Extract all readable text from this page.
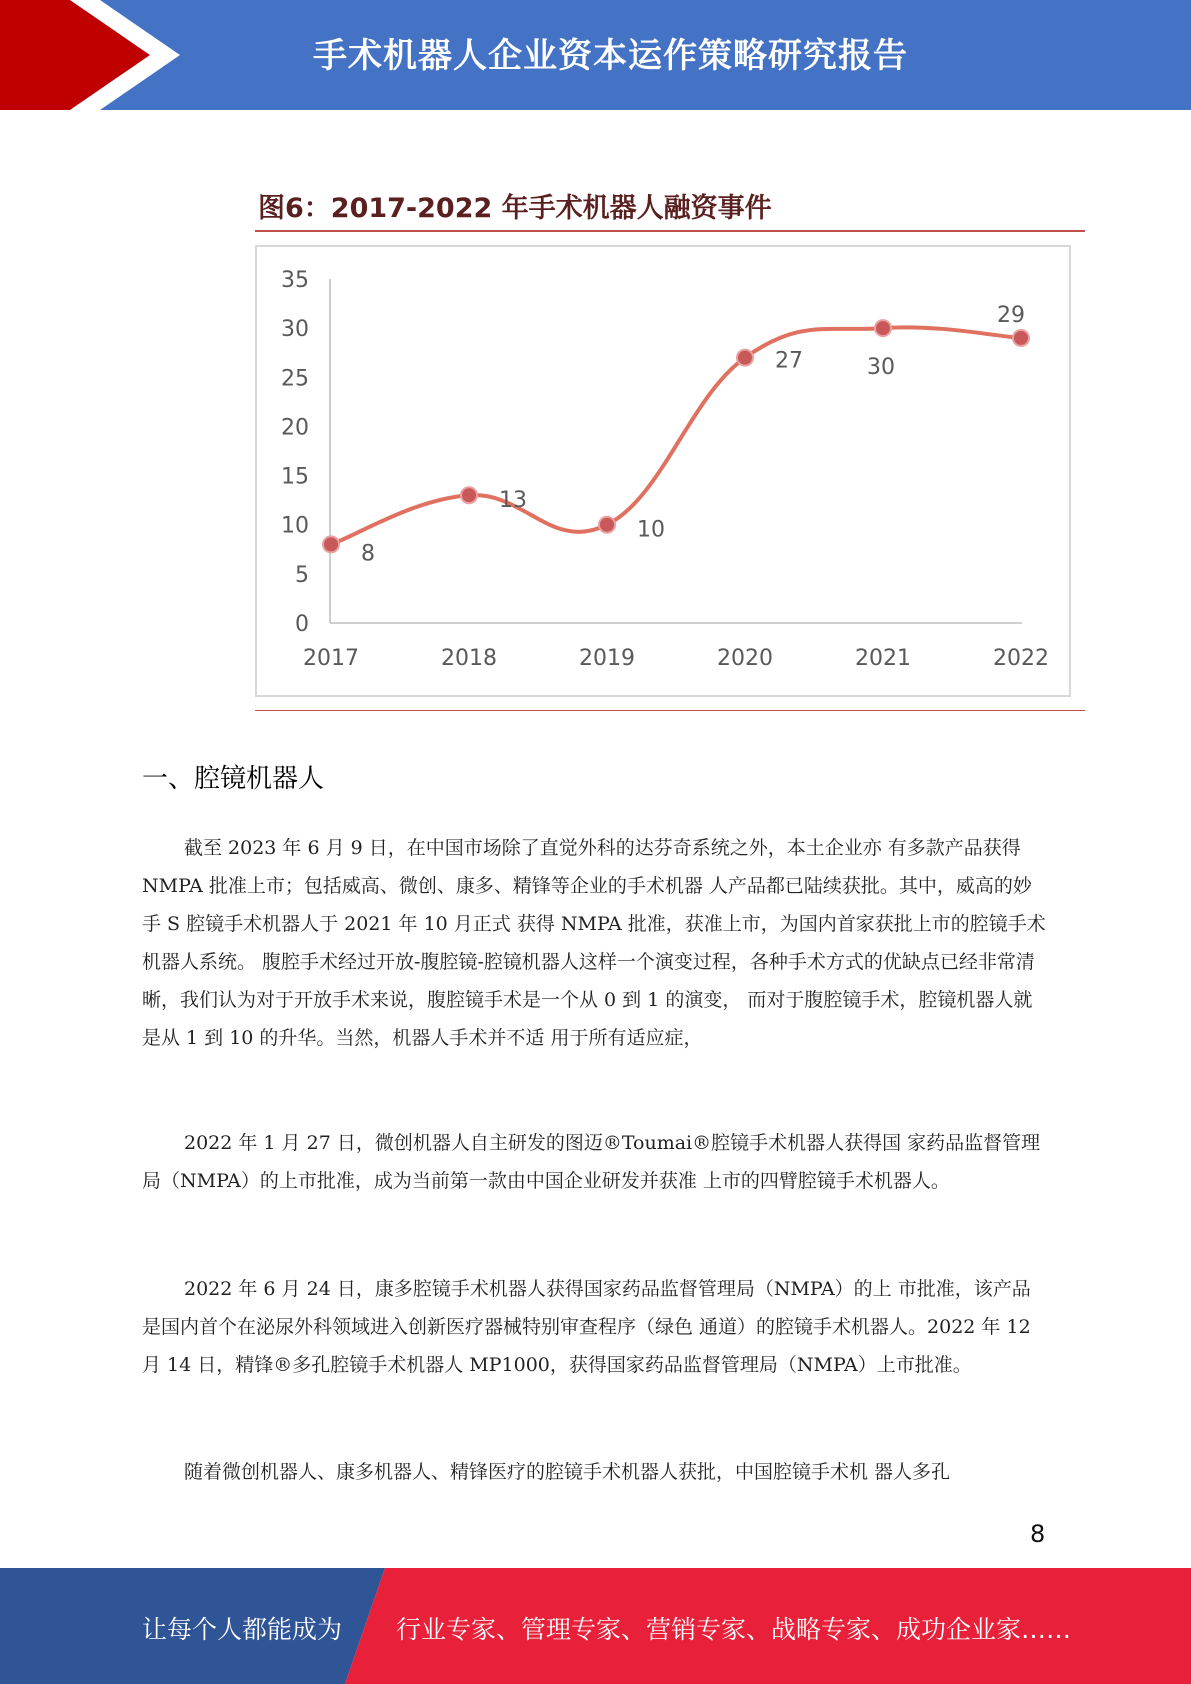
手术机器人企业资本运作策略研究报告
图6：2017-2022 年手术机器人融资事件
0
5
10
15
20
25
30
35
2017	2018	2019	2020	2021	2022
8
13
10
27	30
29
一、腔镜机器人

截至 2023 年 6 月 9 日，在中国市场除了直觉外科的达芬奇系统之外，本土企业亦 有多款产品获得 NMPA 批准上市；包括威高、微创、康多、精锋等企业的手术机器 人产品都已陆续获批。其中，威高的妙手 S 腔镜手术机器人于 2021 年 10 月正式 获得 NMPA 批准，获准上市，为国内首家获批上市的腔镜手术机器人系统。 腹腔手术经过开放-腹腔镜-腔镜机器人这样一个演变过程，各种手术方式的优缺点已经非常清晰，我们认为对于开放手术来说，腹腔镜手术是一个从 0 到 1 的演变， 而对于腹腔镜手术，腔镜机器人就是从 1 到 10 的升华。当然，机器人手术并不适 用于所有适应症，

2022 年 1 月 27 日，微创机器人自主研发的图迈®Toumai®腔镜手术机器人获得国 家药品监督管理局（NMPA）的上市批准，成为当前第一款由中国企业研发并获准 上市的四臂腔镜手术机器人。

2022 年 6 月 24 日，康多腔镜手术机器人获得国家药品监督管理局（NMPA）的上 市批准，该产品是国内首个在泌尿外科领域进入创新医疗器械特别审查程序（绿色 通道）的腔镜手术机器人。2022 年 12 月 14 日，精锋®多孔腔镜手术机器人 MP1000，获得国家药品监督管理局（NMPA）上市批准。

随着微创机器人、康多机器人、精锋医疗的腔镜手术机器人获批，中国腔镜手术机 器人多孔

8
让每个人都能成为 行业专家、管理专家、营销专家、战略专家、成功企业家……
